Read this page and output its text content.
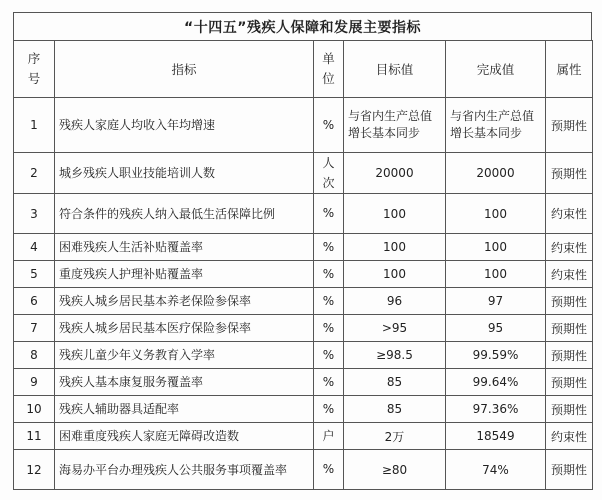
“十四五”残疾人保障和发展主要指标
序号	指标	单位	目标值	完成值	属性
1	残疾人家庭人均收入年均增速	%	与省内生产总值增长基本同步	与省内生产总值增长基本同步	预期性
2	城乡残疾人职业技能培训人数	人次	20000	20000	预期性
3	符合条件的残疾人纳入最低生活保障比例	%	100	100	约束性
4	困难残疾人生活补贴覆盖率	%	100	100	约束性
5	重度残疾人护理补贴覆盖率	%	100	100	约束性
6	残疾人城乡居民基本养老保险参保率	%	96	97	预期性
7	残疾人城乡居民基本医疗保险参保率	%	>95	95	预期性
8	残疾儿童少年义务教育入学率	%	≥98.5	99.59%	预期性
9	残疾人基本康复服务覆盖率	%	85	99.64%	预期性
10	残疾人辅助器具适配率	%	85	97.36%	预期性
11	困难重度残疾人家庭无障碍改造数	户	2万	18549	约束性
12	海易办平台办理残疾人公共服务事项覆盖率	%	≥80	74%	预期性
